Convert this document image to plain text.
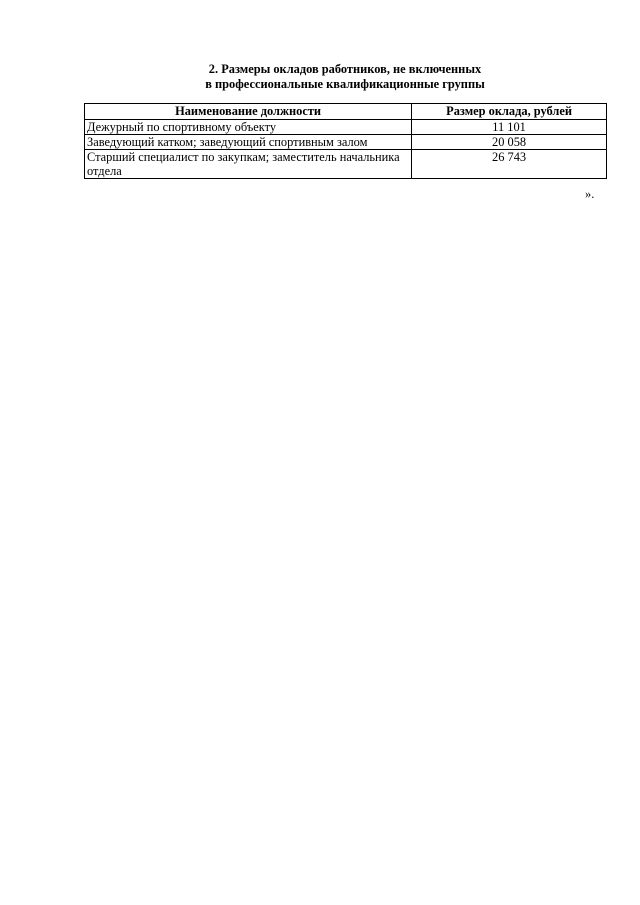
2. Размеры окладов работников, не включенных
в профессиональные квалификационные группы
Наименование должности	Размер оклада, рублей
Дежурный по спортивному объекту	11 101
Заведующий катком; заведующий спортивным залом	20 058
Старший специалист по закупкам; заместитель начальника отдела	26 743
».
